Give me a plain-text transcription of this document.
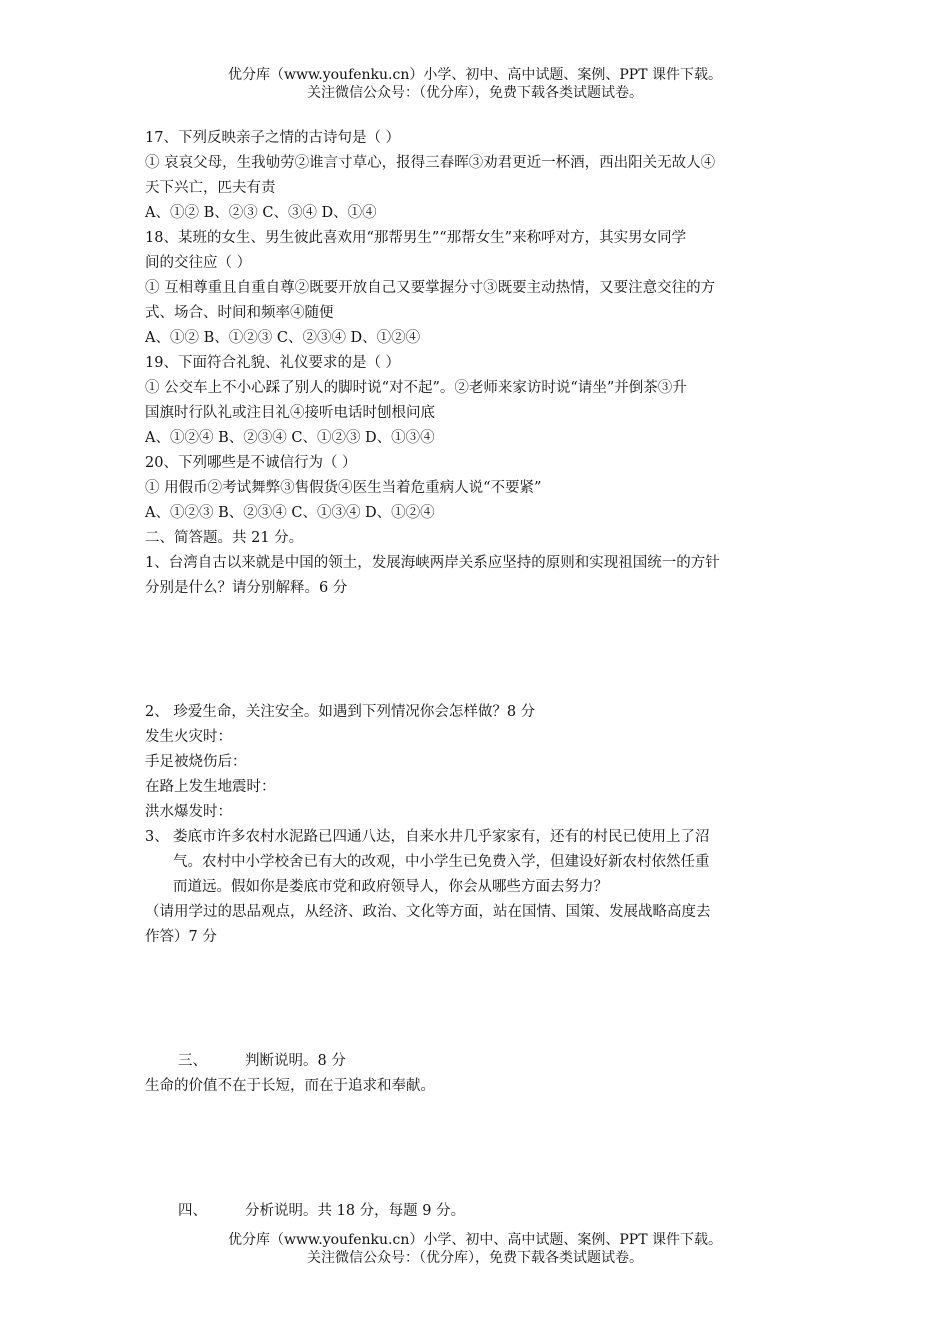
优分库（www.youfenku.cn）小学、初中、高中试题、案例、PPT 课件下载。
关注微信公众号：（优分库），免费下载各类试题试卷。
17、下列反映亲子之情的古诗句是（ ）
① 哀哀父母，生我劬劳②谁言寸草心，报得三春晖③劝君更近一杯酒，西出阳关无故人④
天下兴亡，匹夫有责
A、①② B、②③ C、③④ D、①④
18、某班的女生、男生彼此喜欢用“那帮男生”“那帮女生”来称呼对方，其实男女同学
间的交往应（ ）
① 互相尊重且自重自尊②既要开放自己又要掌握分寸③既要主动热情，又要注意交往的方
式、场合、时间和频率④随便
A、①② B、①②③ C、②③④ D、①②④
19、下面符合礼貌、礼仪要求的是（ ）
① 公交车上不小心踩了别人的脚时说“对不起”。②老师来家访时说“请坐”并倒茶③升
国旗时行队礼或注目礼④接听电话时刨根问底
A、①②④ B、②③④ C、①②③ D、①③④
20、下列哪些是不诚信行为（ ）
① 用假币②考试舞弊③售假货④医生当着危重病人说“不要紧”
A、①②③ B、②③④ C、①③④ D、①②④
二、简答题。共 21 分。
1、台湾自古以来就是中国的领土，发展海峡两岸关系应坚持的原则和实现祖国统一的方针
分别是什么？请分别解释。6 分
2、 珍爱生命，关注安全。如遇到下列情况你会怎样做？8 分
发生火灾时：
手足被烧伤后：
在路上发生地震时：
洪水爆发时：
3、 娄底市许多农村水泥路已四通八达，自来水井几乎家家有，还有的村民已使用上了沼
气。农村中小学校舍已有大的改观，中小学生已免费入学，但建设好新农村依然任重
而道远。假如你是娄底市党和政府领导人，你会从哪些方面去努力？
（请用学过的思品观点，从经济、政治、文化等方面，站在国情、国策、发展战略高度去
作答）7 分
三、	判断说明。8 分
生命的价值不在于长短，而在于追求和奉献。
四、	分析说明。共 18 分，每题 9 分。
优分库（www.youfenku.cn）小学、初中、高中试题、案例、PPT 课件下载。
关注微信公众号：（优分库），免费下载各类试题试卷。
